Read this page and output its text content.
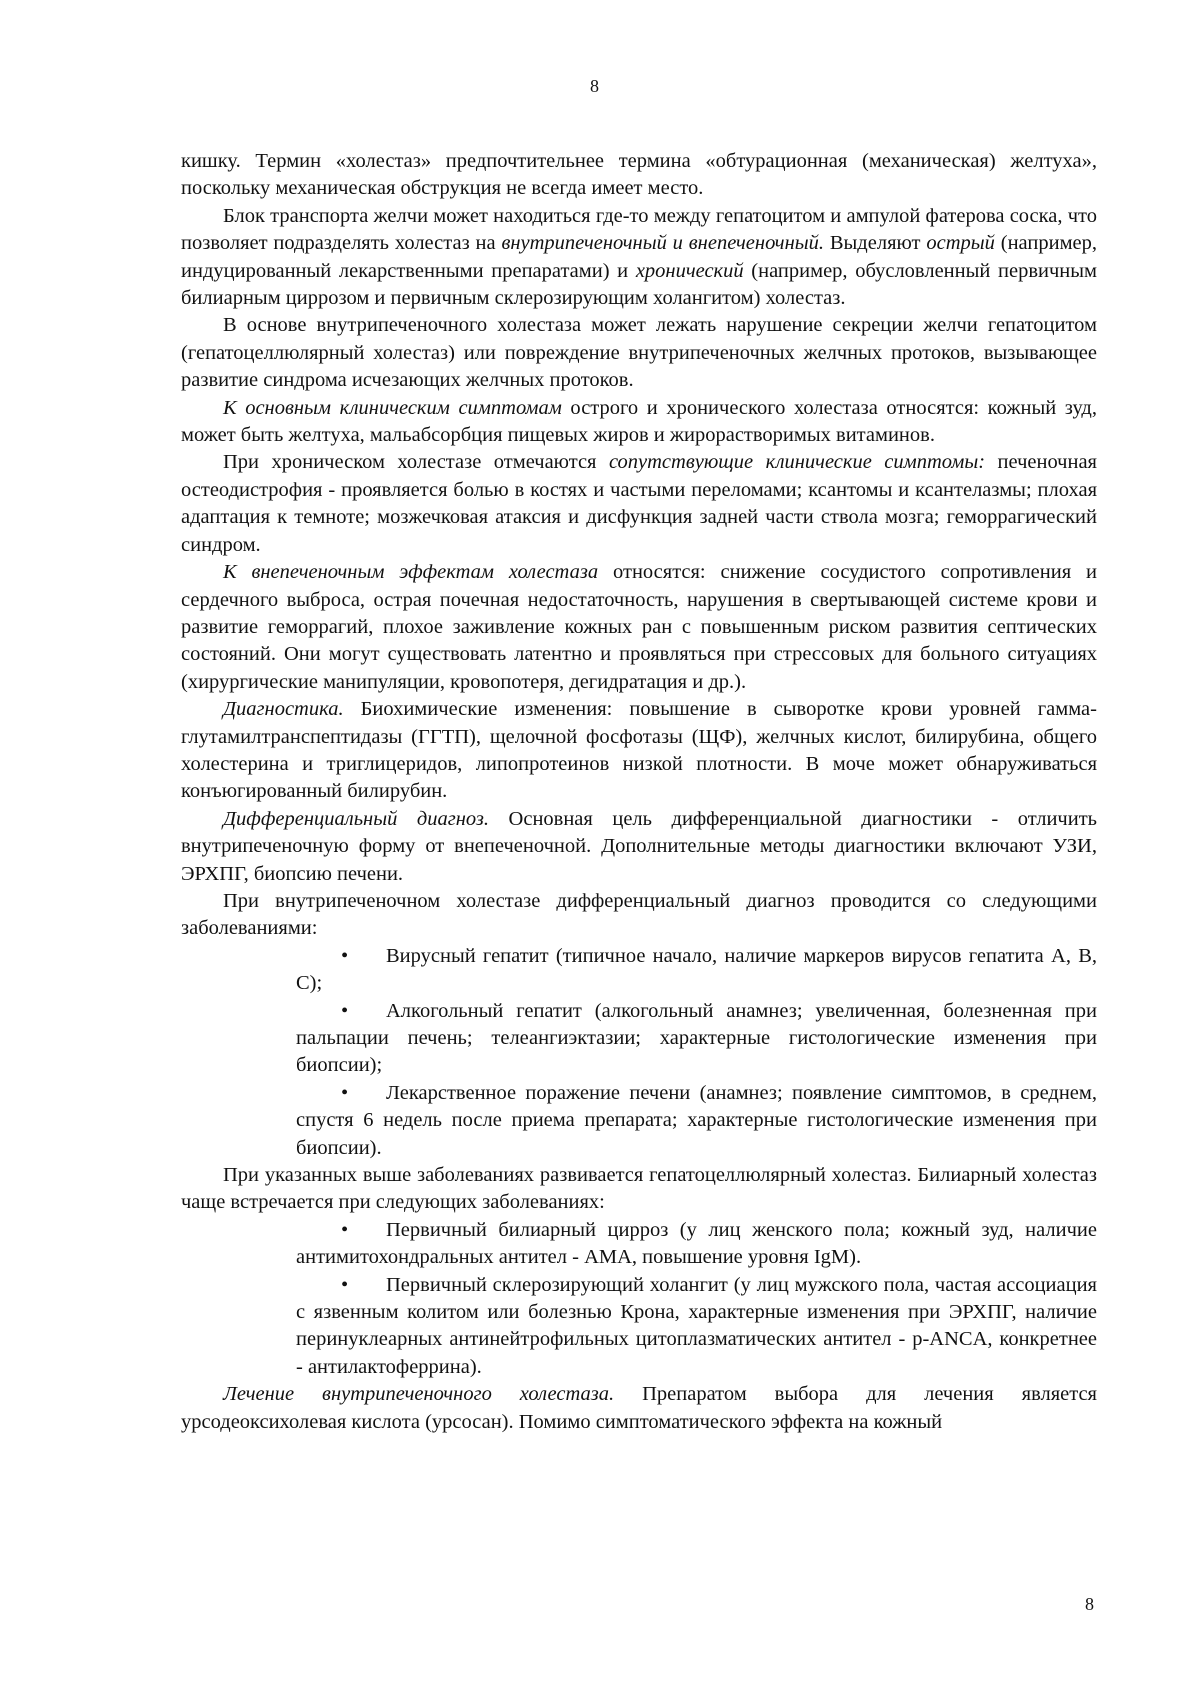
8

кишку. Термин «холестаз» предпочтительнее термина «обтурационная (механическая) желтуха», поскольку механическая обструкция не всегда имеет место.

Блок транспорта желчи может находиться где-то между гепатоцитом и ампулой фатерова соска, что позволяет подразделять холестаз на внутрипеченочный и внепеченочный. Выделяют острый (например, индуцированный лекарственными препаратами) и хронический (например, обусловленный первичным билиарным циррозом и первичным склерозирующим холангитом) холестаз.

В основе внутрипеченочного холестаза может лежать нарушение секреции желчи гепатоцитом (гепатоцеллюлярный холестаз) или повреждение внутрипеченочных желчных протоков, вызывающее развитие синдрома исчезающих желчных протоков.

К основным клиническим симптомам острого и хронического холестаза относятся: кожный зуд, может быть желтуха, мальабсорбция пищевых жиров и жирорастворимых витаминов.

При хроническом холестазе отмечаются сопутствующие клинические симптомы: печеночная остеодистрофия - проявляется болью в костях и частыми переломами; ксантомы и ксантелазмы; плохая адаптация к темноте; мозжечковая атаксия и дисфункция задней части ствола мозга; геморрагический синдром.

К внепеченочным эффектам холестаза относятся: снижение сосудистого сопротивления и сердечного выброса, острая почечная недостаточность, нарушения в свертывающей системе крови и развитие геморрагий, плохое заживление кожных ран с повышенным риском развития септических состояний. Они могут существовать латентно и проявляться при стрессовых для больного ситуациях (хирургические манипуляции, кровопотеря, дегидратация и др.).

Диагностика. Биохимические изменения: повышение в сыворотке крови уровней гамма-глутамилтранспептидазы (ГГТП), щелочной фосфотазы (ЩФ), желчных кислот, билирубина, общего холестерина и триглицеридов, липопротеинов низкой плотности. В моче может обнаруживаться конъюгированный билирубин.

Дифференциальный диагноз. Основная цель дифференциальной диагностики - отличить внутрипеченочную форму от внепеченочной. Дополнительные методы диагностики включают УЗИ, ЭРХПГ, биопсию печени.

При внутрипеченочном холестазе дифференциальный диагноз проводится со следующими заболеваниями:

• Вирусный гепатит (типичное начало, наличие маркеров вирусов гепатита А, В, С);
• Алкогольный гепатит (алкогольный анамнез; увеличенная, болезненная при пальпации печень; телеангиэктазии; характерные гистологические изменения при биопсии);
• Лекарственное поражение печени (анамнез; появление симптомов, в среднем, спустя 6 недель после приема препарата; характерные гистологические изменения при биопсии).

При указанных выше заболеваниях развивается гепатоцеллюлярный холестаз. Билиарный холестаз чаще встречается при следующих заболеваниях:

• Первичный билиарный цирроз (у лиц женского пола; кожный зуд, наличие антимитохондральных антител - АМА, повышение уровня IgM).
• Первичный склерозирующий холангит (у лиц мужского пола, частая ассоциация с язвенным колитом или болезнью Крона, характерные изменения при ЭРХПГ, наличие перинуклеарных антинейтрофильных цитоплазматических антител - p-ANCA, конкретнее - антилактоферрина).

Лечение внутрипеченочного холестаза. Препаратом выбора для лечения является урсодеоксихолевая кислота (урсосан). Помимо симптоматического эффекта на кожный

8
